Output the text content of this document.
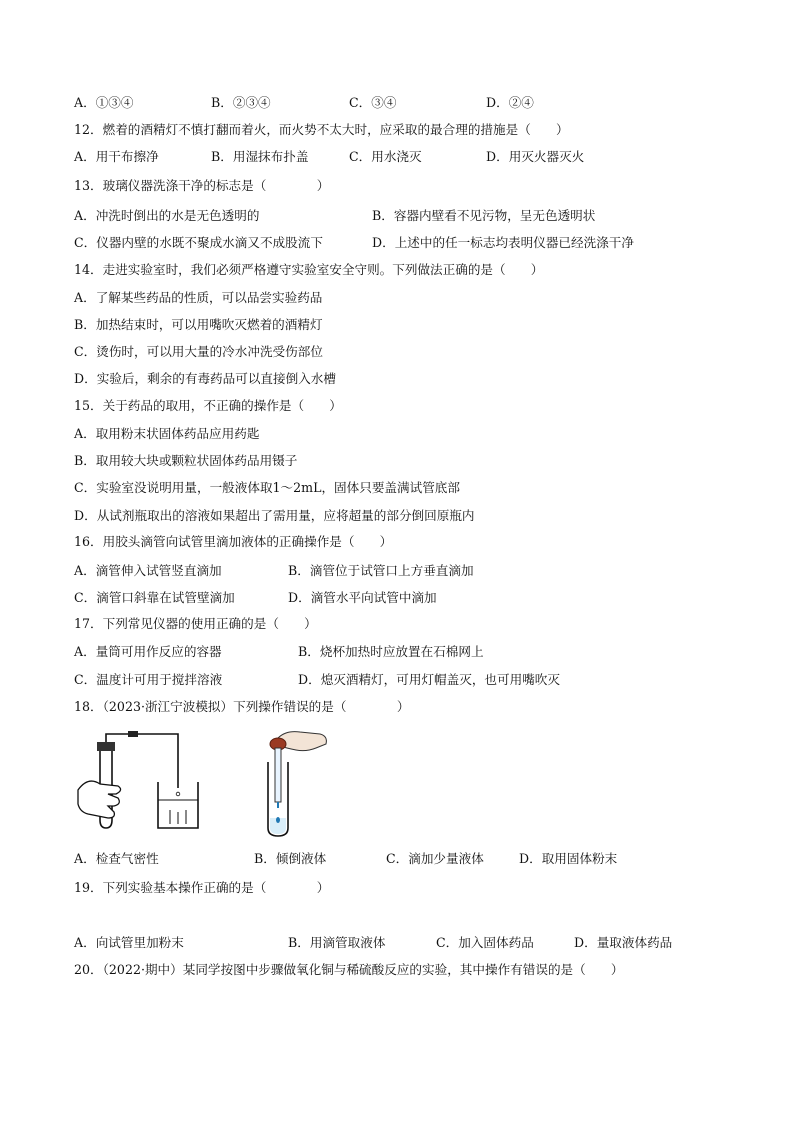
A．①③④	B．②③④	C．③④	D．②④
12．燃着的酒精灯不慎打翻而着火，而火势不太大时，应采取的最合理的措施是（　　）
A．用干布擦净	B．用湿抹布扑盖	C．用水浇灭	D．用灭火器灭火
13．玻璃仪器洗涤干净的标志是（　　　　）
A．冲洗时倒出的水是无色透明的	B．容器内壁看不见污物，呈无色透明状
C．仪器内壁的水既不聚成水滴又不成股流下	D．上述中的任一标志均表明仪器已经洗涤干净
14．走进实验室时，我们必须严格遵守实验室安全守则。下列做法正确的是（　　）
A．了解某些药品的性质，可以品尝实验药品
B．加热结束时，可以用嘴吹灭燃着的酒精灯
C．烫伤时，可以用大量的冷水冲洗受伤部位
D．实验后，剩余的有毒药品可以直接倒入水槽
15．关于药品的取用，不正确的操作是（　　）
A．取用粉末状固体药品应用药匙
B．取用较大块或颗粒状固体药品用镊子
C．实验室没说明用量，一般液体取1～2mL，固体只要盖满试管底部
D．从试剂瓶取出的溶液如果超出了需用量，应将超量的部分倒回原瓶内
16．用胶头滴管向试管里滴加液体的正确操作是（　　）
A．滴管伸入试管竖直滴加	B．滴管位于试管口上方垂直滴加
C．滴管口斜靠在试管壁滴加	D．滴管水平向试管中滴加
17．下列常见仪器的使用正确的是（　　）
A．量筒可用作反应的容器	B．烧杯加热时应放置在石棉网上
C．温度计可用于搅拌溶液	D．熄灭酒精灯，可用灯帽盖灭，也可用嘴吹灭
18．（2023·浙江宁波模拟）下列操作错误的是（　　　　）
A．检查气密性	B．倾倒液体	C．滴加少量液体	D．取用固体粉末
19．下列实验基本操作正确的是（　　　　）
A．向试管里加粉末	B．用滴管取液体	C．加入固体药品	D．量取液体药品
20．（2022·期中）某同学按图中步骤做氧化铜与稀硫酸反应的实验，其中操作有错误的是（　　）
